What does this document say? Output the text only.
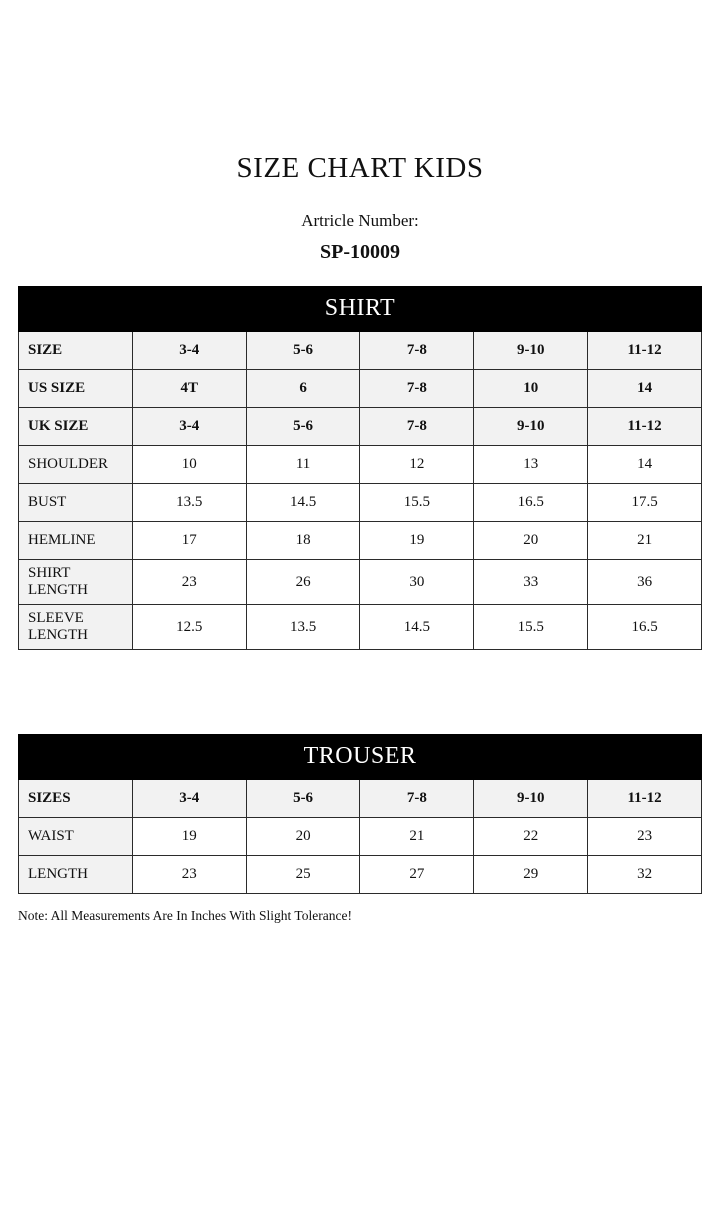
SIZE CHART KIDS
Artricle Number:
SP-10009
SHIRT					
SIZE	3-4	5-6	7-8	9-10	11-12
US SIZE	4T	6	7-8	10	14
UK SIZE	3-4	5-6	7-8	9-10	11-12
SHOULDER	10	11	12	13	14
BUST	13.5	14.5	15.5	16.5	17.5
HEMLINE	17	18	19	20	21
SHIRT LENGTH	23	26	30	33	36
SLEEVE LENGTH	12.5	13.5	14.5	15.5	16.5
TROUSER					
SIZES	3-4	5-6	7-8	9-10	11-12
WAIST	19	20	21	22	23
LENGTH	23	25	27	29	32
Note: All Measurements Are In Inches With Slight Tolerance!
